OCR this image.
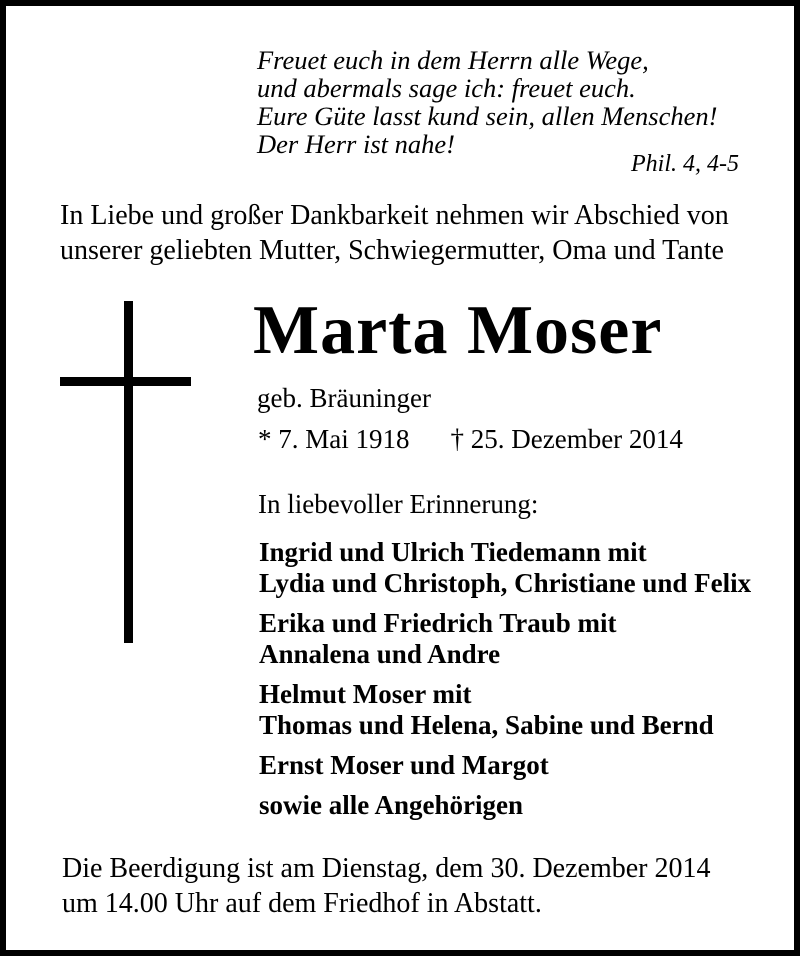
Freuet euch in dem Herrn alle Wege,
und abermals sage ich: freuet euch.
Eure Güte lasst kund sein, allen Menschen!
Der Herr ist nahe!
Phil. 4, 4-5
In Liebe und großer Dankbarkeit nehmen wir Abschied von
unserer geliebten Mutter, Schwiegermutter, Oma und Tante
Marta Moser
geb. Bräuninger
* 7. Mai 1918 † 25. Dezember 2014
In liebevoller Erinnerung:
Ingrid und Ulrich Tiedemann mit
Lydia und Christoph, Christiane und Felix
Erika und Friedrich Traub mit
Annalena und Andre
Helmut Moser mit
Thomas und Helena, Sabine und Bernd
Ernst Moser und Margot
sowie alle Angehörigen
Die Beerdigung ist am Dienstag, dem 30. Dezember 2014
um 14.00 Uhr auf dem Friedhof in Abstatt.
